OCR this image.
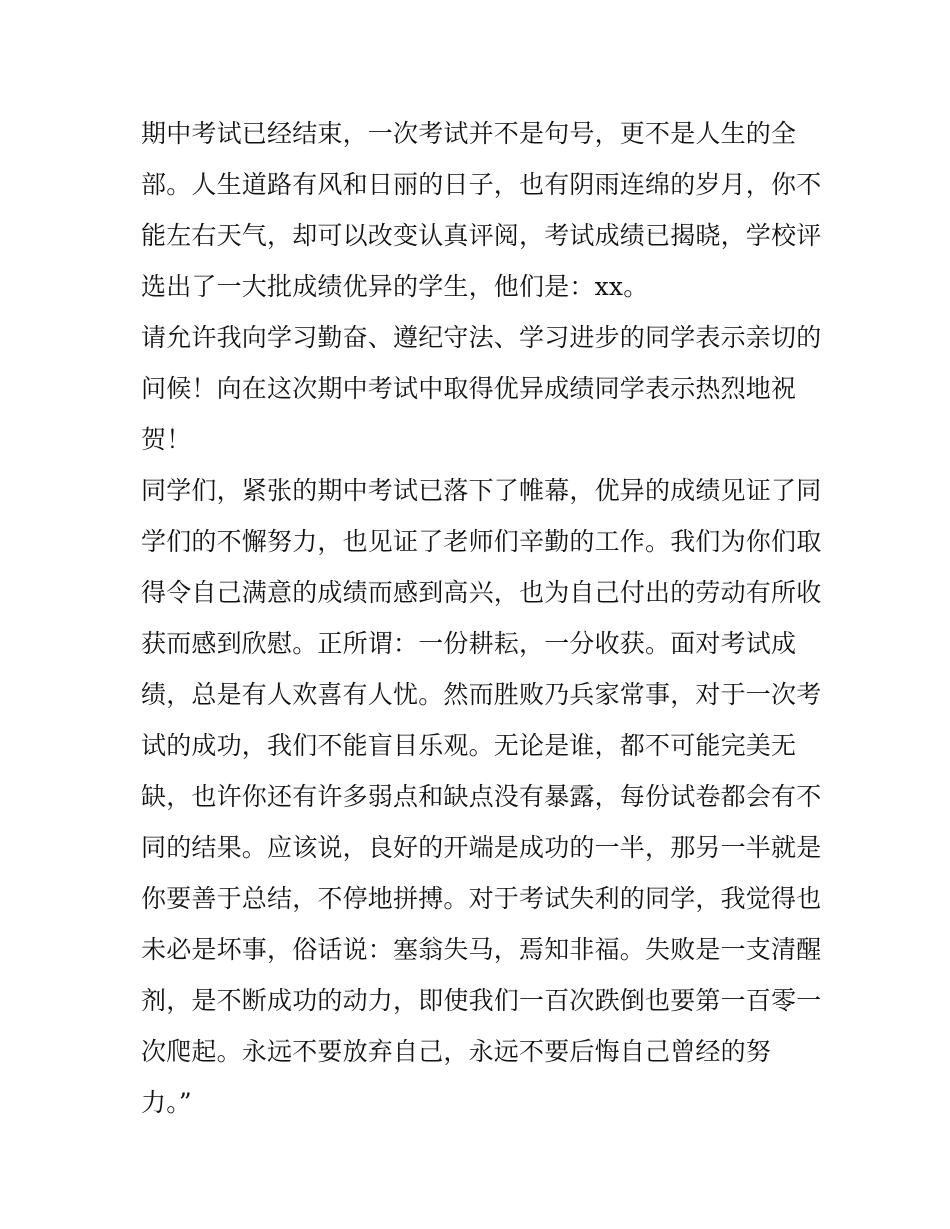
期中考试已经结束，一次考试并不是句号，更不是人生的全
部。人生道路有风和日丽的日子，也有阴雨连绵的岁月，你不
能左右天气，却可以改变认真评阅，考试成绩已揭晓，学校评
选出了一大批成绩优异的学生，他们是：xx。
请允许我向学习勤奋、遵纪守法、学习进步的同学表示亲切的
问候！向在这次期中考试中取得优异成绩同学表示热烈地祝
贺！
同学们，紧张的期中考试已落下了帷幕，优异的成绩见证了同
学们的不懈努力，也见证了老师们辛勤的工作。我们为你们取
得令自己满意的成绩而感到高兴，也为自己付出的劳动有所收
获而感到欣慰。正所谓：一份耕耘，一分收获。面对考试成
绩，总是有人欢喜有人忧。然而胜败乃兵家常事，对于一次考
试的成功，我们不能盲目乐观。无论是谁，都不可能完美无
缺，也许你还有许多弱点和缺点没有暴露，每份试卷都会有不
同的结果。应该说，良好的开端是成功的一半，那另一半就是
你要善于总结，不停地拼搏。对于考试失利的同学，我觉得也
未必是坏事，俗话说：塞翁失马，焉知非福。失败是一支清醒
剂，是不断成功的动力，即使我们一百次跌倒也要第一百零一
次爬起。永远不要放弃自己，永远不要后悔自己曾经的努
力。”
